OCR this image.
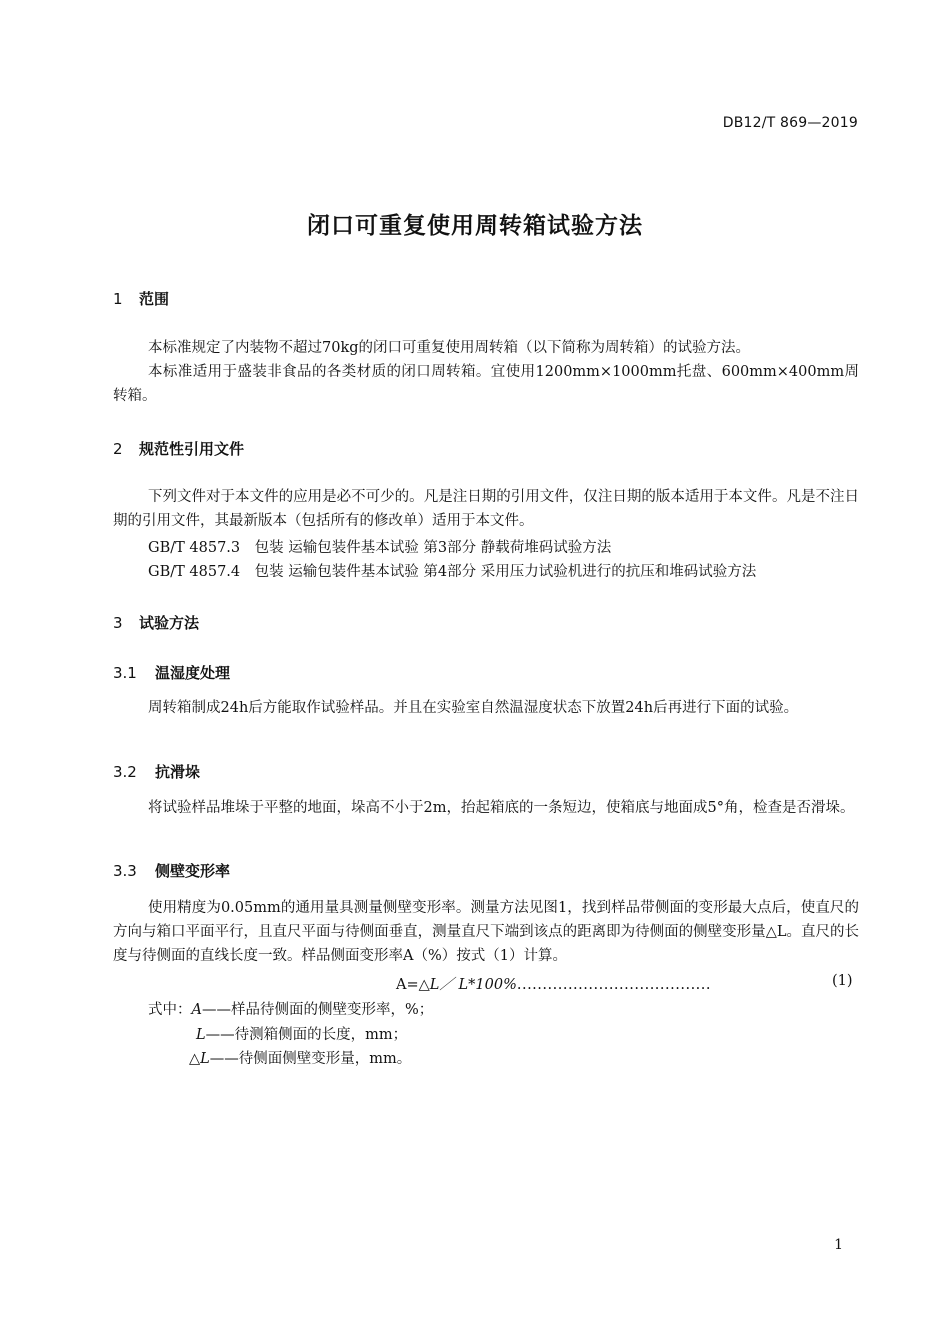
DB12/T 869—2019
闭口可重复使用周转箱试验方法
1 范围
本标准规定了内装物不超过70kg的闭口可重复使用周转箱（以下简称为周转箱）的试验方法。
本标准适用于盛装非食品的各类材质的闭口周转箱。宜使用1200mm×1000mm托盘、600mm×400mm周转箱。
2 规范性引用文件
下列文件对于本文件的应用是必不可少的。凡是注日期的引用文件，仅注日期的版本适用于本文件。凡是不注日期的引用文件，其最新版本（包括所有的修改单）适用于本文件。
GB/T 4857.3　包装 运输包装件基本试验 第3部分 静载荷堆码试验方法
GB/T 4857.4　包装 运输包装件基本试验 第4部分 采用压力试验机进行的抗压和堆码试验方法
3 试验方法
3.1 温湿度处理
周转箱制成24h后方能取作试验样品。并且在实验室自然温湿度状态下放置24h后再进行下面的试验。
3.2 抗滑垛
将试验样品堆垛于平整的地面，垛高不小于2m，抬起箱底的一条短边，使箱底与地面成5°角，检查是否滑垛。
3.3 侧壁变形率
使用精度为0.05mm的通用量具测量侧壁变形率。测量方法见图1，找到样品带侧面的变形最大点后，使直尺的方向与箱口平面平行，且直尺平面与待侧面垂直，测量直尺下端到该点的距离即为待侧面的侧壁变形量△L。直尺的长度与待侧面的直线长度一致。样品侧面变形率A（%）按式（1）计算。
A=△L／ L*100%......................................	(1)
式中：A——样品待侧面的侧壁变形率，%；
L——待测箱侧面的长度，mm；
△L——待侧面侧壁变形量，mm。
1
